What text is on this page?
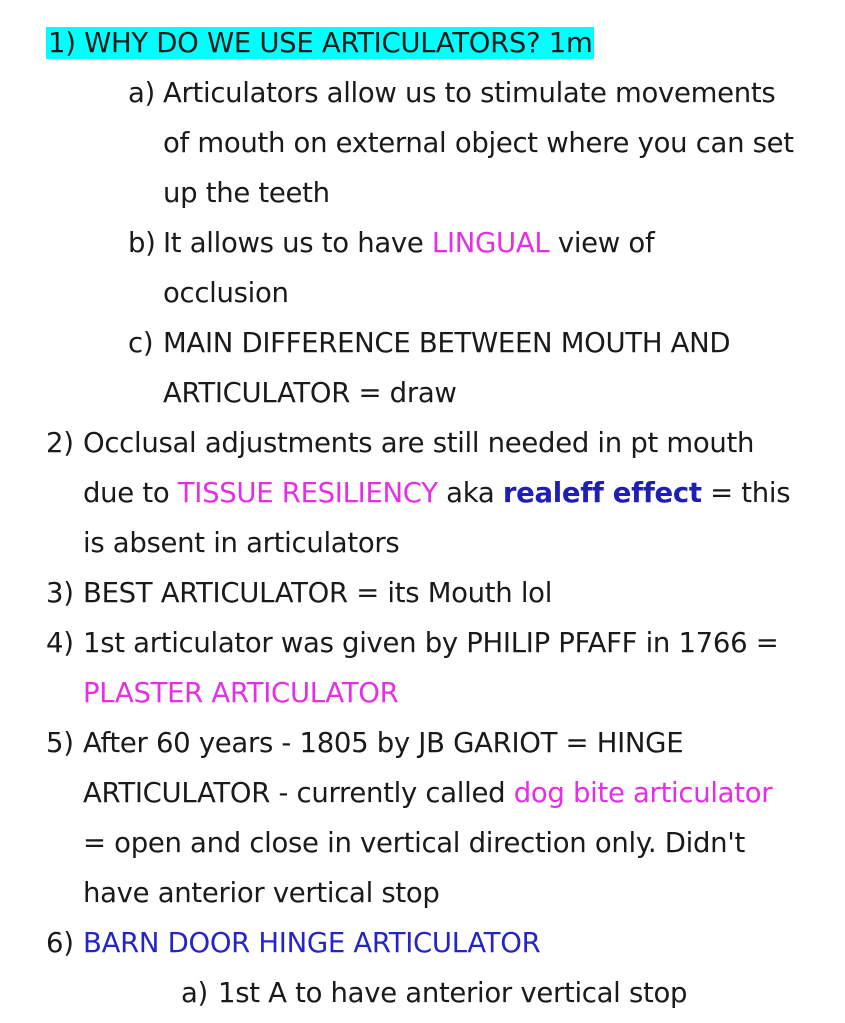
1) WHY DO WE USE ARTICULATORS? 1m
a) Articulators allow us to stimulate movements
of mouth on external object where you can set
up the teeth
b) It allows us to have LINGUAL view of
occlusion
c) MAIN DIFFERENCE BETWEEN MOUTH AND
ARTICULATOR = draw
2) Occlusal adjustments are still needed in pt mouth
due to TISSUE RESILIENCY aka realeff effect = this
is absent in articulators
3) BEST ARTICULATOR = its Mouth lol
4) 1st articulator was given by PHILIP PFAFF in 1766 =
PLASTER ARTICULATOR
5) After 60 years - 1805 by JB GARIOT = HINGE
ARTICULATOR - currently called dog bite articulator
= open and close in vertical direction only. Didn't
have anterior vertical stop
6) BARN DOOR HINGE ARTICULATOR
a) 1st A to have anterior vertical stop
